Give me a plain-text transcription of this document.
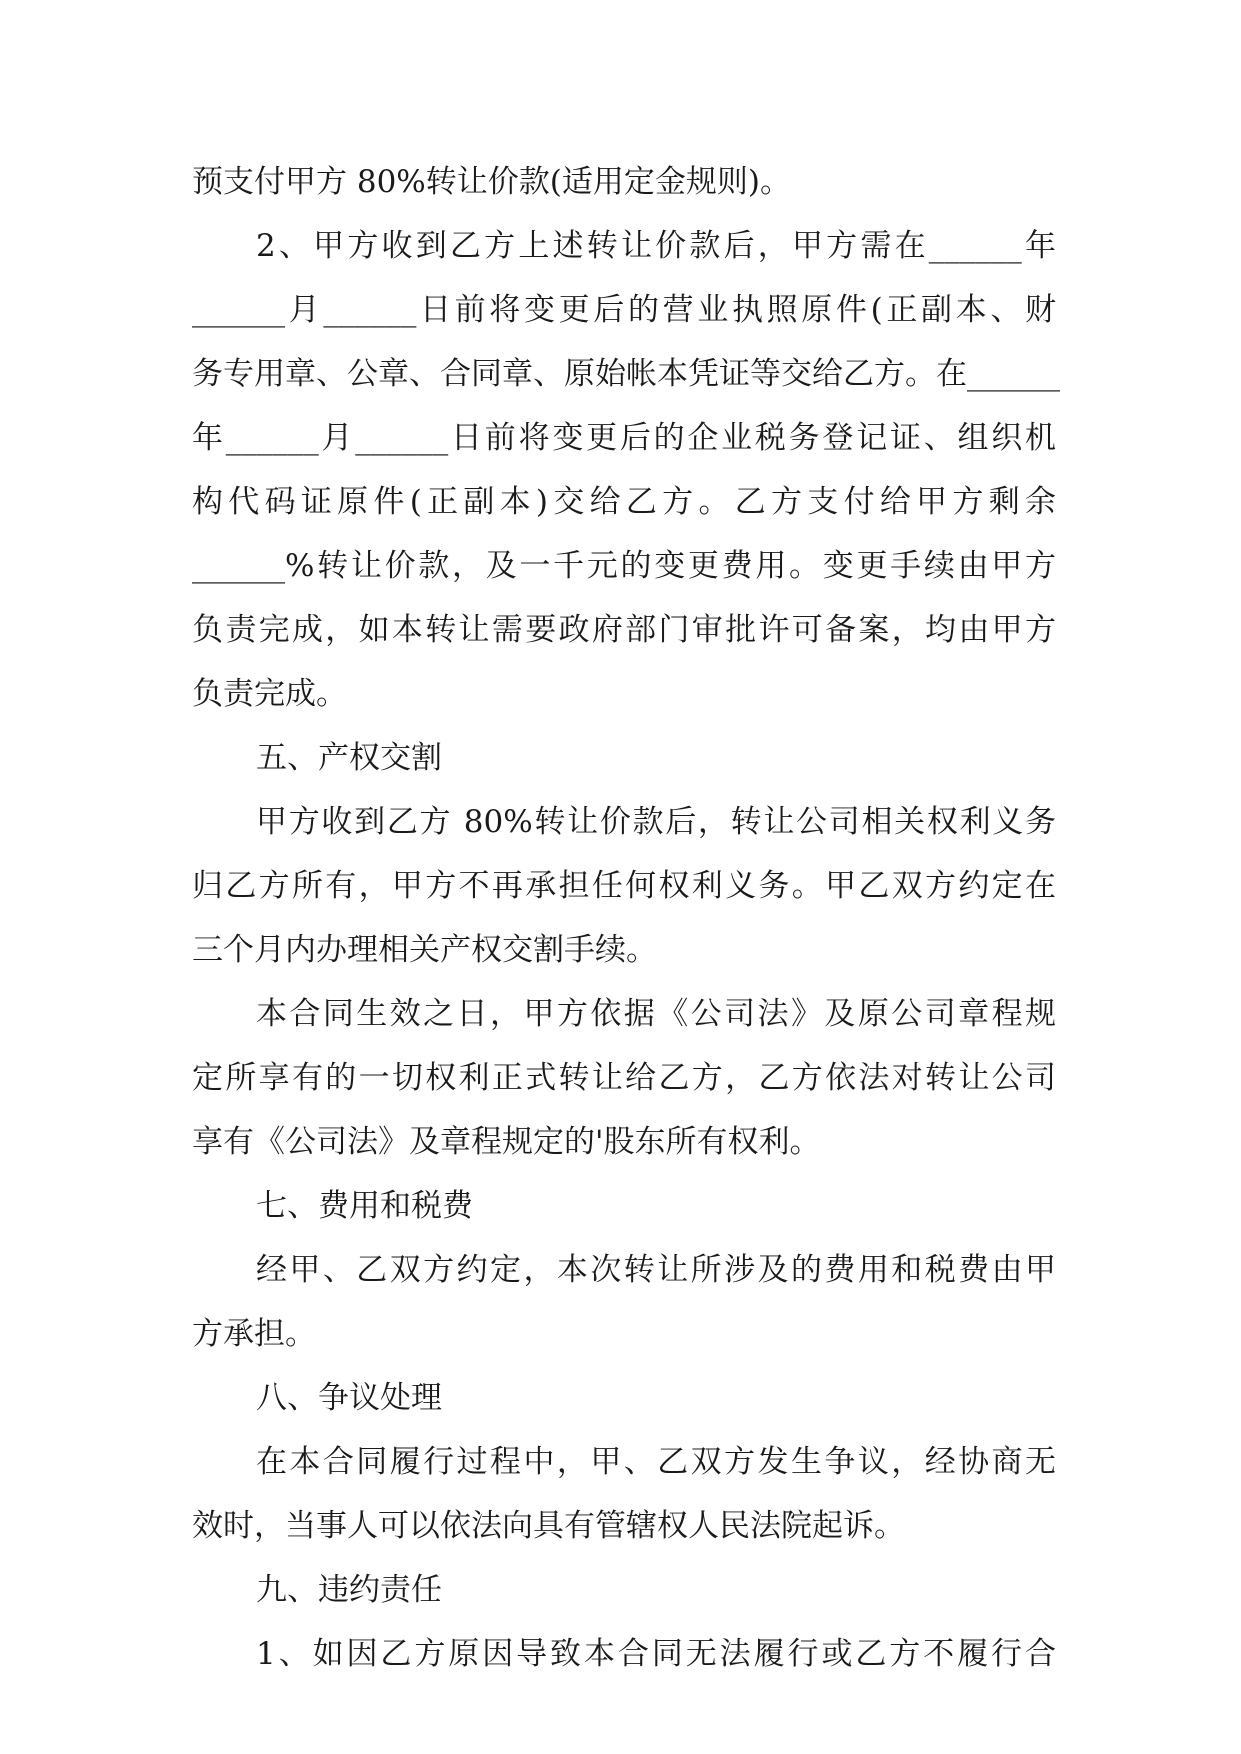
预支付甲方 80%转让价款(适用定金规则)。

2、甲方收到乙方上述转让价款后，甲方需在______年

______月______日前将变更后的营业执照原件(正副本、财

务专用章、公章、合同章、原始帐本凭证等交给乙方。在______

年______月______日前将变更后的企业税务登记证、组织机

构代码证原件(正副本)交给乙方。乙方支付给甲方剩余

______%转让价款，及一千元的变更费用。变更手续由甲方

负责完成，如本转让需要政府部门审批许可备案，均由甲方

负责完成。

五、产权交割

甲方收到乙方 80%转让价款后，转让公司相关权利义务

归乙方所有，甲方不再承担任何权利义务。甲乙双方约定在

三个月内办理相关产权交割手续。

本合同生效之日，甲方依据《公司法》及原公司章程规

定所享有的一切权利正式转让给乙方，乙方依法对转让公司

享有《公司法》及章程规定的'股东所有权利。

七、费用和税费

经甲、乙双方约定，本次转让所涉及的费用和税费由甲

方承担。

八、争议处理

在本合同履行过程中，甲、乙双方发生争议，经协商无

效时，当事人可以依法向具有管辖权人民法院起诉。

九、违约责任

1、如因乙方原因导致本合同无法履行或乙方不履行合
